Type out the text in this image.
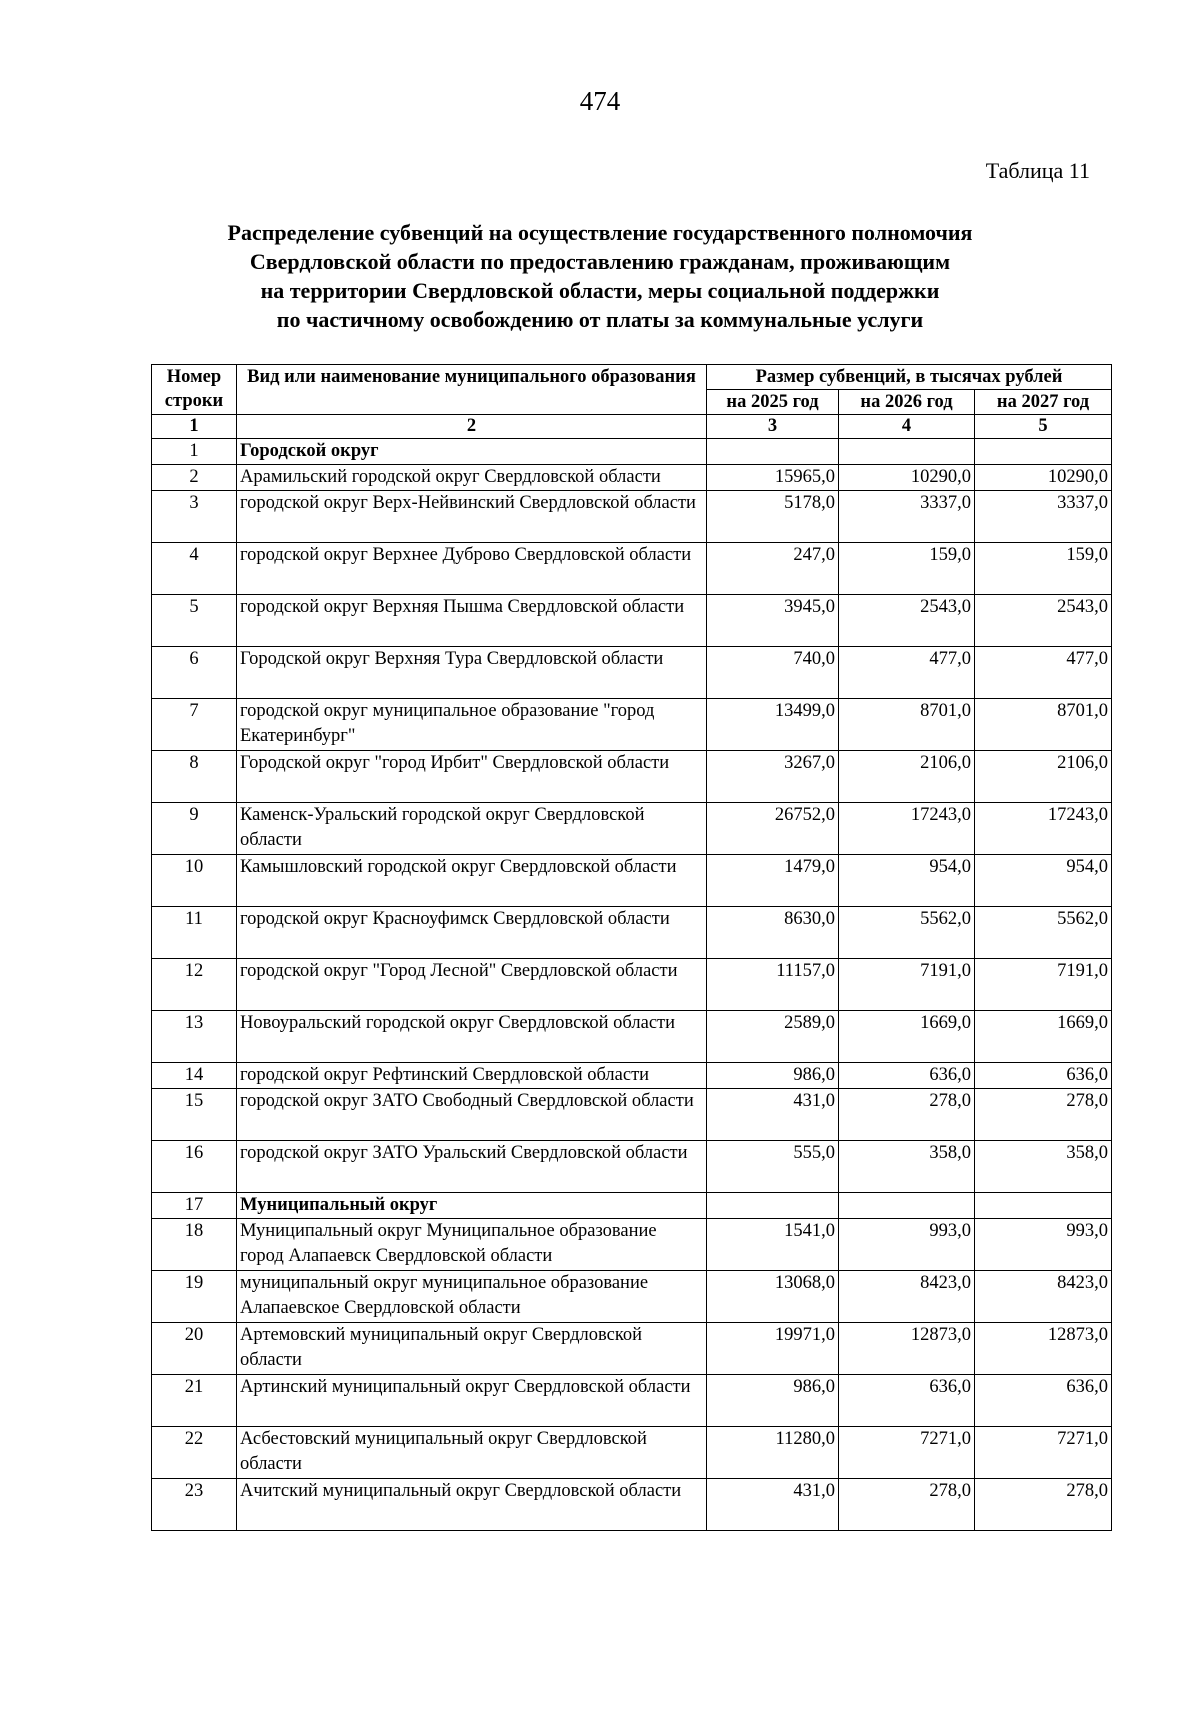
474
Таблица 11
Распределение субвенций на осуществление государственного полномочия
Свердловской области по предоставлению гражданам, проживающим
на территории Свердловской области, меры социальной поддержки
по частичному освобождению от платы за коммунальные услуги
Номер строки	Вид или наименование муниципального образования	Размер субвенций, в тысячах рублей		
		на 2025 год	на 2026 год	на 2027 год
1	2	3	4	5
1	Городской округ			
2	Арамильский городской округ Свердловской области	15965,0	10290,0	10290,0
3	городской округ Верх-Нейвинский Свердловской области	5178,0	3337,0	3337,0
4	городской округ Верхнее Дуброво Свердловской области	247,0	159,0	159,0
5	городской округ Верхняя Пышма Свердловской области	3945,0	2543,0	2543,0
6	Городской округ Верхняя Тура Свердловской области	740,0	477,0	477,0
7	городской округ муниципальное образование "город Екатеринбург"	13499,0	8701,0	8701,0
8	Городской округ "город Ирбит" Свердловской области	3267,0	2106,0	2106,0
9	Каменск-Уральский городской округ Свердловской области	26752,0	17243,0	17243,0
10	Камышловский городской округ Свердловской области	1479,0	954,0	954,0
11	городской округ Красноуфимск Свердловской области	8630,0	5562,0	5562,0
12	городской округ "Город Лесной" Свердловской области	11157,0	7191,0	7191,0
13	Новоуральский городской округ Свердловской области	2589,0	1669,0	1669,0
14	городской округ Рефтинский Свердловской области	986,0	636,0	636,0
15	городской округ ЗАТО Свободный Свердловской области	431,0	278,0	278,0
16	городской округ ЗАТО Уральский Свердловской области	555,0	358,0	358,0
17	Муниципальный округ			
18	Муниципальный округ Муниципальное образование город Алапаевск Свердловской области	1541,0	993,0	993,0
19	муниципальный округ муниципальное образование Алапаевское Свердловской области	13068,0	8423,0	8423,0
20	Артемовский муниципальный округ Свердловской области	19971,0	12873,0	12873,0
21	Артинский муниципальный округ Свердловской области	986,0	636,0	636,0
22	Асбестовский муниципальный округ Свердловской области	11280,0	7271,0	7271,0
23	Ачитский муниципальный округ Свердловской области	431,0	278,0	278,0
